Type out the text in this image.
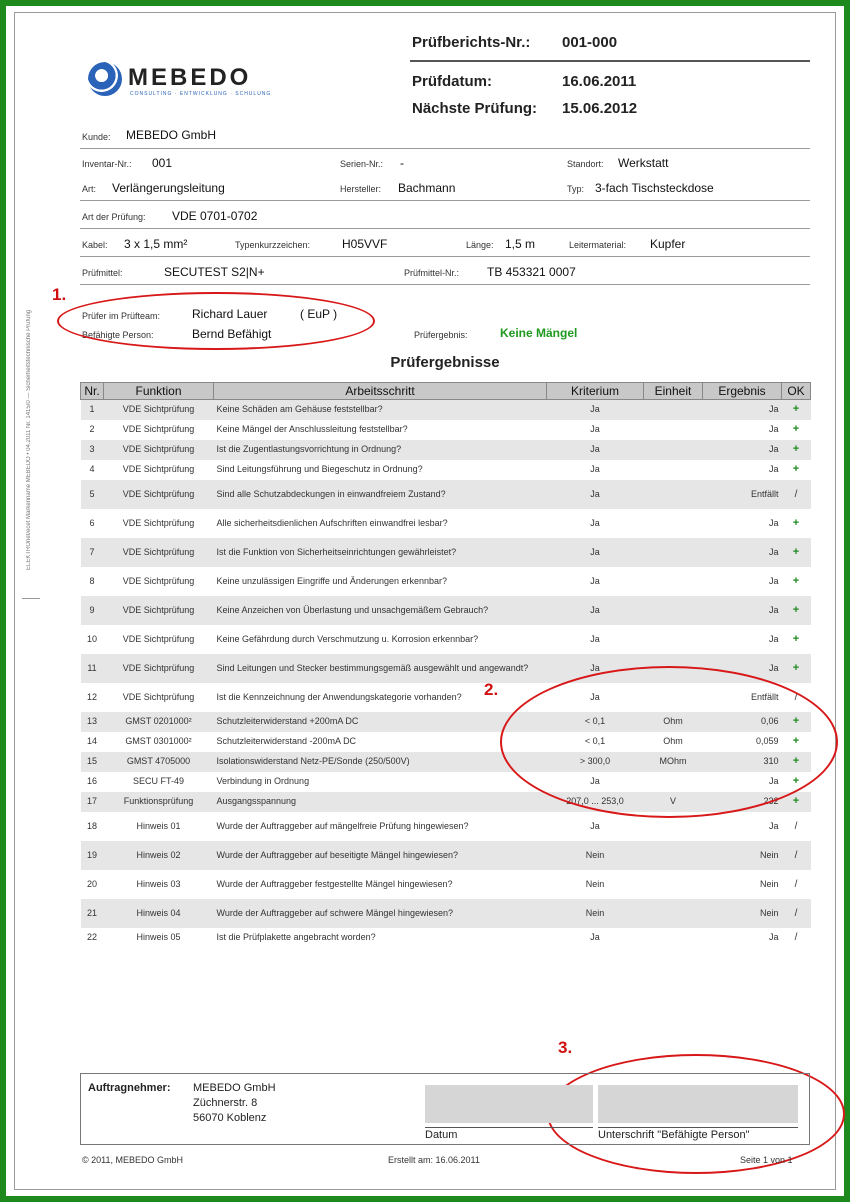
Prüfberichts-Nr.: 001-000
Prüfdatum:	16.06.2011
Nächste Prüfung: 15.06.2012
MEBEDO
CONSULTING · ENTWICKLUNG · SCHULUNG
ELEKTROnet/ecet Markenname MEBEDO • 04.2011 Nr. 1415/0 — Sicherheitstechnische Prüfung
Kunde: MEBEDO GmbH
Inventar-Nr.: 001	Serien-Nr.: -	Standort: Werkstatt
Art: Verlängerungsleitung	Hersteller: Bachmann	Typ: 3-fach Tischsteckdose
Art der Prüfung: VDE 0701-0702
Kabel: 3 x 1,5 mm²	Typenkurzzeichen:	H05VVF	Länge: 1,5 m	Leitermaterial: Kupfer
Prüfmittel:	SECUTEST S2|N+	Prüfmittel-Nr.: TB 453321 0007
Prüfer im Prüfteam:	Richard Lauer	( EuP )
Befähigte Person:	Bernd Befähigt	Prüfergebnis:	Keine Mängel
Prüfergebnisse
Nr.	Funktion	Arbeitsschritt	Kriterium	Einheit	Ergebnis	OK
1	VDE Sichtprüfung	Keine Schäden am Gehäuse feststellbar?	Ja		Ja	+
2	VDE Sichtprüfung	Keine Mängel der Anschlussleitung feststellbar?	Ja		Ja	+
3	VDE Sichtprüfung	Ist die Zugentlastungsvorrichtung in Ordnung?	Ja		Ja	+
4	VDE Sichtprüfung	Sind Leitungsführung und Biegeschutz in Ordnung?	Ja		Ja	+
5	VDE Sichtprüfung	Sind alle Schutzabdeckungen in einwandfreiem Zustand?	Ja		Entfällt	/
6	VDE Sichtprüfung	Alle sicherheitsdienlichen Aufschriften einwandfrei lesbar?	Ja		Ja	+
7	VDE Sichtprüfung	Ist die Funktion von Sicherheitseinrichtungen gewährleistet?	Ja		Ja	+
8	VDE Sichtprüfung	Keine unzulässigen Eingriffe und Änderungen erkennbar?	Ja		Ja	+
9	VDE Sichtprüfung	Keine Anzeichen von Überlastung und unsachgemäßem Gebrauch?	Ja		Ja	+
10	VDE Sichtprüfung	Keine Gefährdung durch Verschmutzung u. Korrosion erkennbar?	Ja		Ja	+
11	VDE Sichtprüfung	Sind Leitungen und Stecker bestimmungsgemäß ausgewählt und angewandt?	Ja		Ja	+
12	VDE Sichtprüfung	Ist die Kennzeichnung der Anwendungskategorie vorhanden?	Ja		Entfällt	/
13	GMST 0201000²	Schutzleiterwiderstand +200mA DC	< 0,1	Ohm	0,06	+
14	GMST 0301000²	Schutzleiterwiderstand -200mA DC	< 0,1	Ohm	0,059	+
15	GMST 4705000	Isolationswiderstand Netz-PE/Sonde (250/500V)	> 300,0	MOhm	310	+
16	SECU FT-49	Verbindung in Ordnung	Ja		Ja	+
17	Funktionsprüfung	Ausgangsspannung	207,0 ... 253,0	V	232	+
18	Hinweis 01	Wurde der Auftraggeber auf mängelfreie Prüfung hingewiesen?	Ja		Ja	/
19	Hinweis 02	Wurde der Auftraggeber auf beseitigte Mängel hingewiesen?	Nein		Nein	/
20	Hinweis 03	Wurde der Auftraggeber festgestellte Mängel hingewiesen?	Nein		Nein	/
21	Hinweis 04	Wurde der Auftraggeber auf schwere Mängel hingewiesen?	Nein		Nein	/
22	Hinweis 05	Ist die Prüfplakette angebracht worden?	Ja		Ja	/
1.
2.
3.
Auftragnehmer: MEBEDO GmbH
Züchnerstr. 8
56070 Koblenz
Datum	Unterschrift "Befähigte Person"
© 2011, MEBEDO GmbH	Erstellt am: 16.06.2011	Seite 1 von 1
